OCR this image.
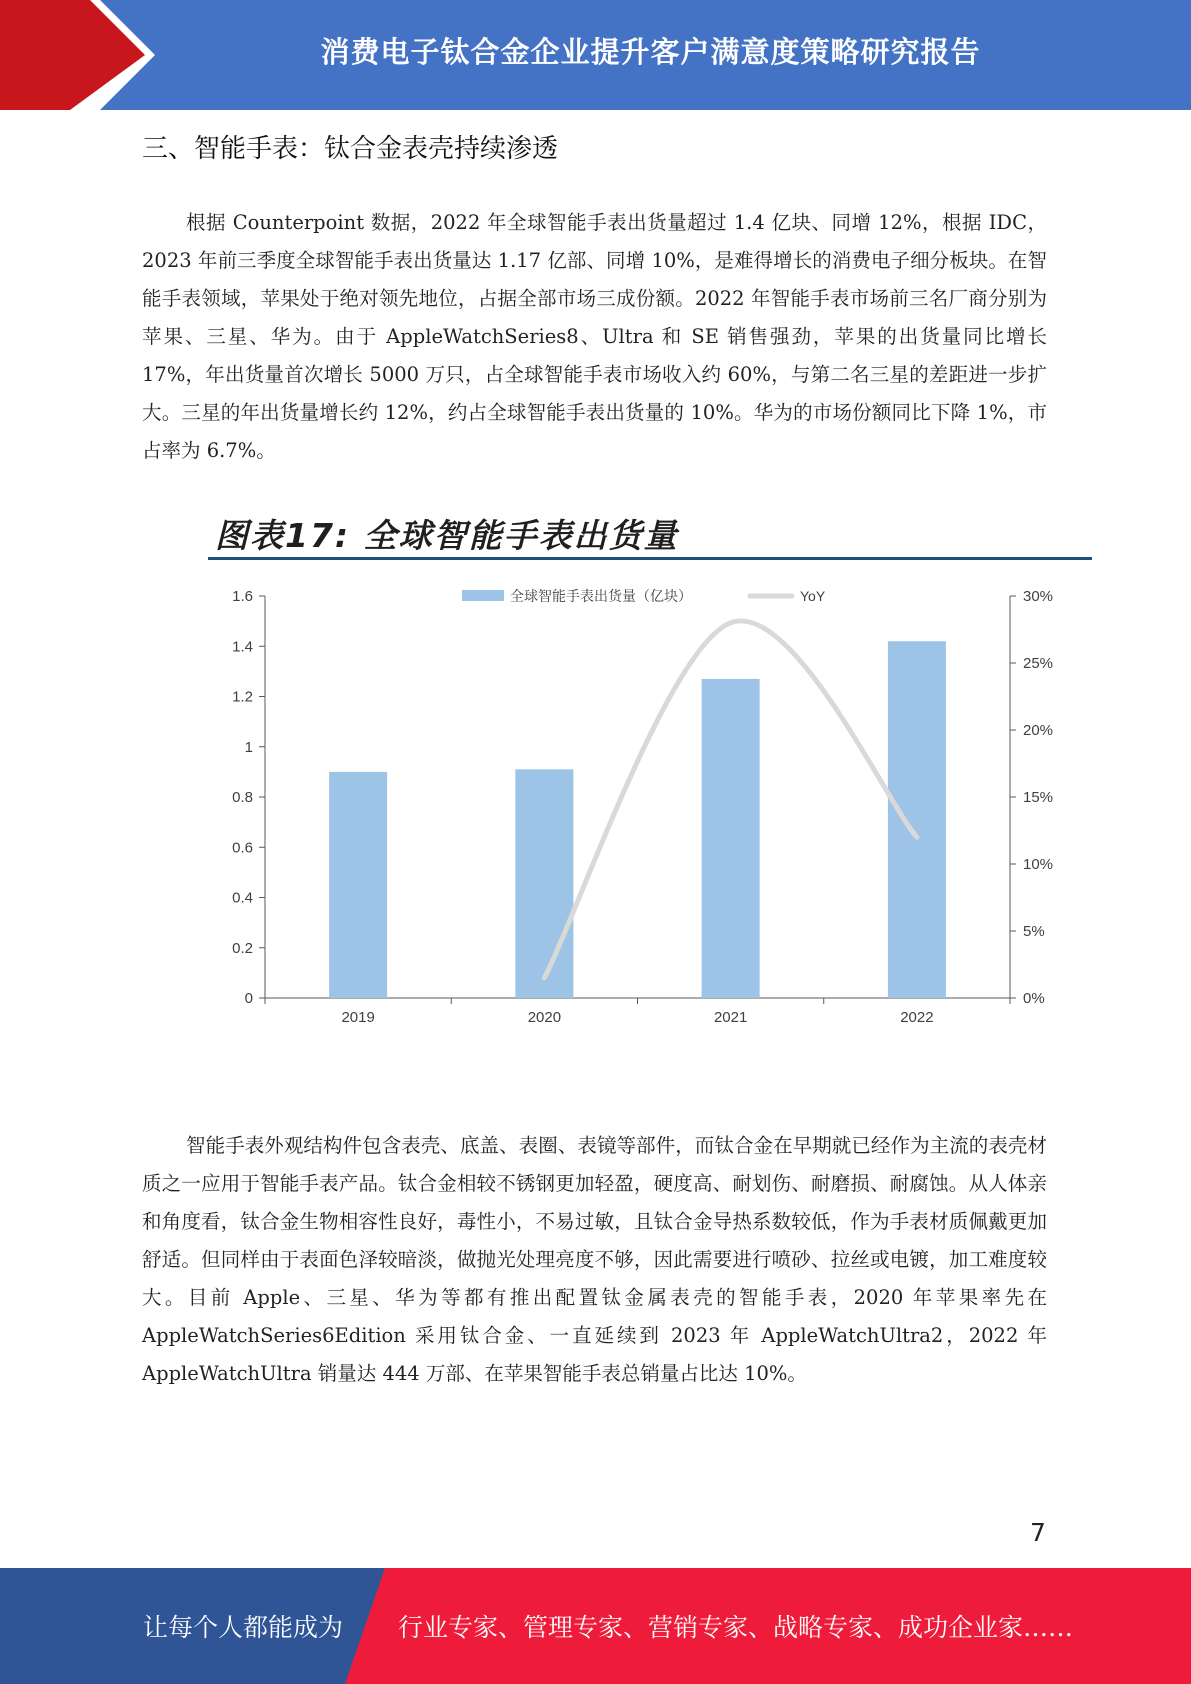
消费电子钛合金企业提升客户满意度策略研究报告
三、智能手表：钛合金表壳持续渗透
根据 Counterpoint 数据，2022 年全球智能手表出货量超过 1.4 亿块、同增 12%，根据 IDC，2023 年前三季度全球智能手表出货量达 1.17 亿部、同增 10%，是难得增长的消费电子细分板块。在智能手表领域，苹果处于绝对领先地位，占据全部市场三成份额。2022 年智能手表市场前三名厂商分别为苹果、三星、华为。由于 AppleWatchSeries8、Ultra 和 SE 销售强劲，苹果的出货量同比增长 17%，年出货量首次增长 5000 万只，占全球智能手表市场收入约 60%，与第二名三星的差距进一步扩大。三星的年出货量增长约 12%，约占全球智能手表出货量的 10%。华为的市场份额同比下降 1%，市占率为 6.7%。
图表17: 全球智能手表出货量
0
0.2
0.4
0.6
0.8
1
1.2
1.4
1.6
0%
5%
10%
15%
20%
25%
30%
2019	2020	2021	2022
全球智能手表出货量（亿块）	YoY
智能手表外观结构件包含表壳、底盖、表圈、表镜等部件，而钛合金在早期就已经作为主流的表壳材质之一应用于智能手表产品。钛合金相较不锈钢更加轻盈，硬度高、耐划伤、耐磨损、耐腐蚀。从人体亲和角度看，钛合金生物相容性良好，毒性小，不易过敏，且钛合金导热系数较低，作为手表材质佩戴更加舒适。但同样由于表面色泽较暗淡，做抛光处理亮度不够，因此需要进行喷砂、拉丝或电镀，加工难度较大。目前 Apple、三星、华为等都有推出配置钛金属表壳的智能手表，2020 年苹果率先在 AppleWatchSeries6Edition 采用钛合金、一直延续到 2023 年 AppleWatchUltra2，2022 年 AppleWatchUltra 销量达 444 万部、在苹果智能手表总销量占比达 10%。
7
让每个人都能成为 行业专家、管理专家、营销专家、战略专家、成功企业家……
